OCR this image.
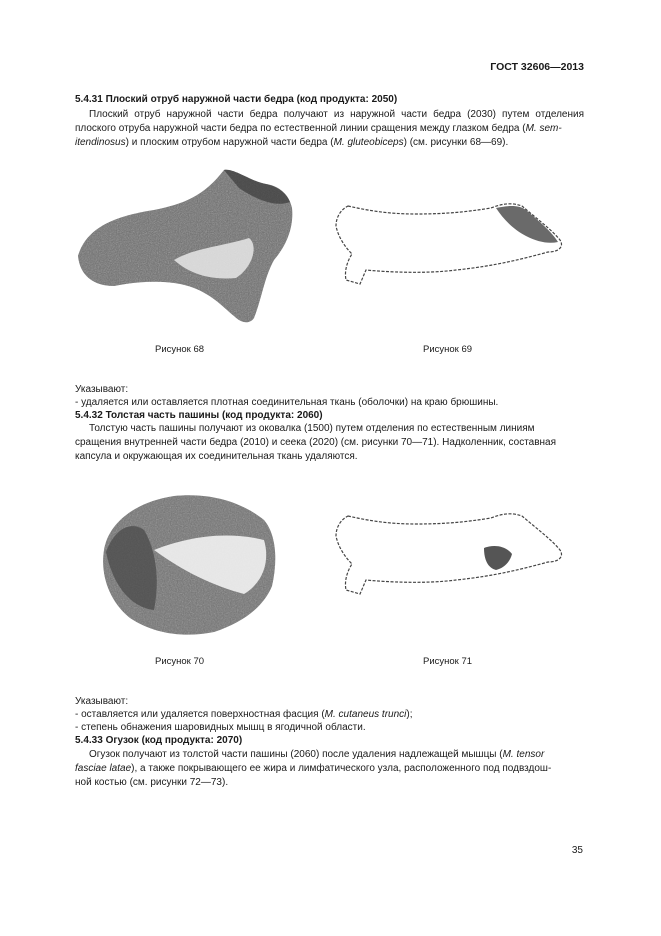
ГОСТ 32606—2013
5.4.31 Плоский отруб наружной части бедра (код продукта: 2050)
Плоский отруб наружной части бедра получают из наружной части бедра (2030) путем отделения плоского отруба наружной части бедра по естественной линии сращения между глазком бедра (M. sem-
itendinosus) и плоским отрубом наружной части бедра (M. gluteobiceps) (см. рисунки 68—69).
Рисунок 68	Рисунок 69
Указывают:
- удаляется или оставляется плотная соединительная ткань (оболочки) на краю брюшины.
5.4.32 Толстая часть пашины (код продукта: 2060)
Толстую часть пашины получают из оковалка (1500) путем отделения по естественным линиям
сращения внутренней части бедра (2010) и сеека (2020) (см. рисунки 70—71). Надколенник, составная
капсула и окружающая их соединительная ткань удаляются.
Рисунок 70	Рисунок 71
Указывают:
- оставляется или удаляется поверхностная фасция (M. cutaneus trunci);
- степень обнажения шаровидных мышц в ягодичной области.
5.4.33 Огузок (код продукта: 2070)
Огузок получают из толстой части пашины (2060) после удаления надлежащей мышцы (M. tensor
fasciae latae), а также покрывающего ее жира и лимфатического узла, расположенного под подвздош-
ной костью (см. рисунки 72—73).
35
